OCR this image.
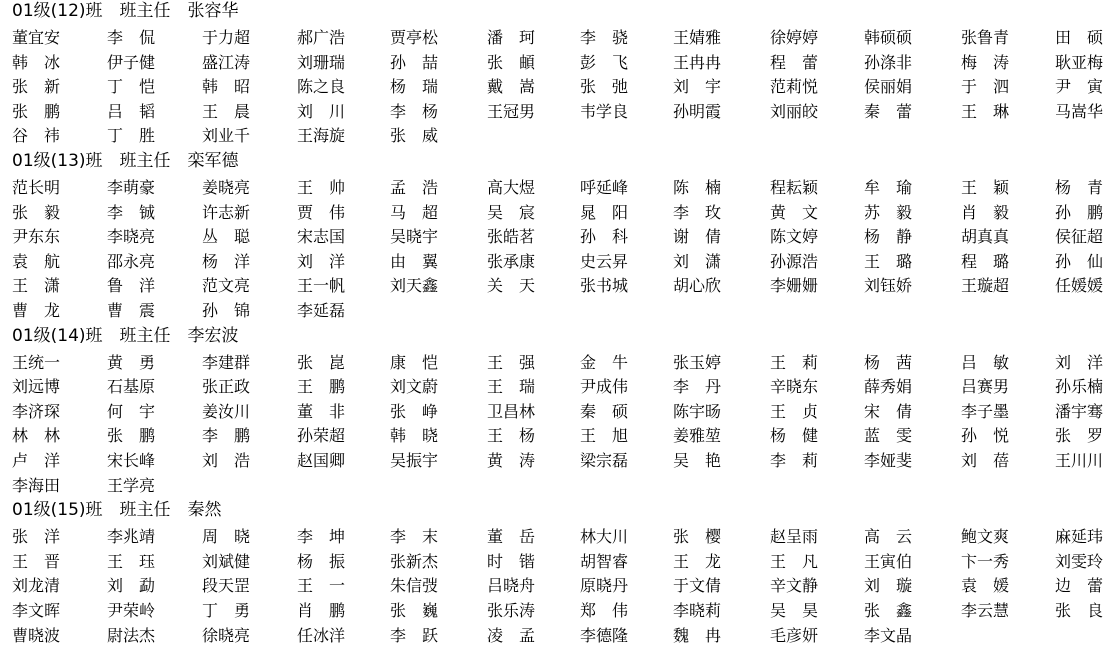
01级(12)班　班主任　张容华
董宜安	李　侃	于力超	郝广浩	贾亭松	潘　珂	李　骁	王婧雅	徐婷婷	韩硕硕	张鲁青	田　硕
韩　冰	伊子健	盛江涛	刘珊瑞	孙　喆	张　頔	彭　飞	王冉冉	程　蕾	孙涤非	梅　涛	耿亚梅
张　新	丁　恺	韩　昭	陈之良	杨　瑞	戴　嵩	张　弛	刘　宇	范莉悦	侯丽娟	于　泗	尹　寅
张　鹏	吕　韬	王　晨	刘　川	李　杨	王冠男	韦学良	孙明霞	刘丽皎	秦　蕾	王　琳	马嵩华
谷　祎	丁　胜	刘业千	王海旋	张　威
01级(13)班　班主任　栾军德
范长明	李萌豪	姜晓亮	王　帅	孟　浩	高大煜	呼延峰	陈　楠	程耘颖	牟　瑜	王　颖	杨　青
张　毅	李　铖	许志新	贾　伟	马　超	吴　宸	晁　阳	李　玫	黄　文	苏　毅	肖　毅	孙　鹏
尹东东	李晓亮	丛　聪	宋志国	吴晓宇	张皓茗	孙　科	谢　倩	陈文婷	杨　静	胡真真	侯征超
袁　航	邵永亮	杨　洋	刘　洋	由　翼	张承康	史云昇	刘　潇	孙源浩	王　璐	程　璐	孙　仙
王　潇	鲁　洋	范文亮	王一帆	刘天鑫	关　天	张书城	胡心欣	李姗姗	刘钰娇	王璇超	任媛媛
曹　龙	曹　震	孙　锦	李延磊
01级(14)班　班主任　李宏波
王统一	黄　勇	李建群	张　崑	康　恺	王　强	金　牛	张玉婷	王　莉	杨　茜	吕　敏	刘　洋
刘远博	石基原	张正政	王　鹏	刘文蔚	王　瑞	尹成伟	李　丹	辛晓东	薛秀娟	吕赛男	孙乐楠
李济琛	何　宇	姜汝川	董　非	张　峥	卫昌林	秦　硕	陈宇旸	王　贞	宋　倩	李子墨	潘宇骞
林　林	张　鹏	李　鹏	孙荣超	韩　晓	王　杨	王　旭	姜雅堃	杨　健	蓝　雯	孙　悦	张　罗
卢　洋	宋长峰	刘　浩	赵国卿	吴振宇	黄　涛	梁宗磊	吴　艳	李　莉	李娅斐	刘　蓓	王川川
李海田	王学亮
01级(15)班　班主任　秦然
张　洋	李兆靖	周　晓	李　坤	李　末	董　岳	林大川	张　樱	赵呈雨	高　云	鲍文爽	麻延玮
王　晋	王　珏	刘斌健	杨　振	张新杰	时　锴	胡智睿	王　龙	王　凡	王寅伯	卞一秀	刘雯玲
刘龙清	刘　勐	段天罡	王　一	朱信弢	吕晓舟	原晓丹	于文倩	辛文静	刘　璇	袁　媛	边　蕾
李文晖	尹荣岭	丁　勇	肖　鹏	张　巍	张乐涛	郑　伟	李晓莉	吴　昊	张　鑫	李云慧	张　良
曹晓波	尉法杰	徐晓亮	任冰洋	李　跃	凌　孟	李德隆	魏　冉	毛彦妍	李文晶
